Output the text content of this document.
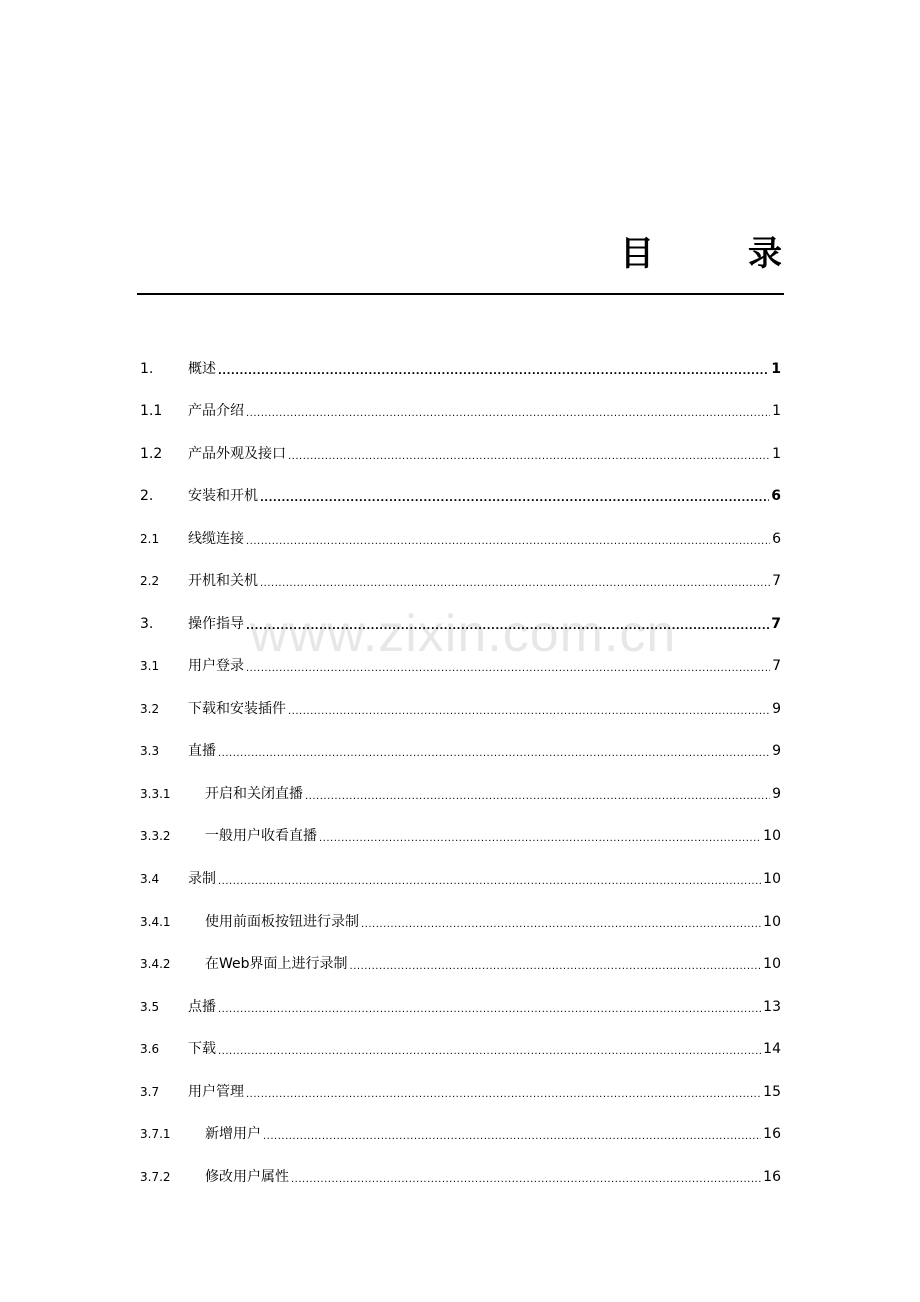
目　录
1.	概述 .....	1
1.1	产品介绍 .....	1
1.2	产品外观及接口 .....	1
2.	安装和开机 .....	6
2.1	线缆连接 .....	6
2.2	开机和关机 .....	7
3.	操作指导 .....	7
3.1	用户登录 .....	7
3.2	下载和安装插件 .....	9
3.3	直播 .....	9
3.3.1	开启和关闭直播 .....	9
3.3.2	一般用户收看直播 .....	10
3.4	录制 .....	10
3.4.1	使用前面板按钮进行录制 .....	10
3.4.2	在Web界面上进行录制 .....	10
3.5	点播 .....	13
3.6	下载 .....	14
3.7	用户管理 .....	15
3.7.1	新增用户 .....	16
3.7.2	修改用户属性 .....	16
www.zixin.com.cn
